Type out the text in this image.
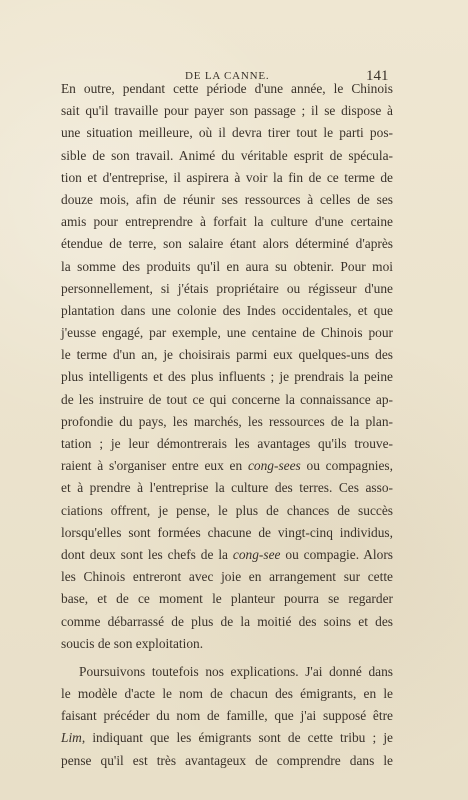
DE LA CANNE.	141
En outre, pendant cette période d'une année, le Chinois
sait qu'il travaille pour payer son passage ; il se dispose à
une situation meilleure, où il devra tirer tout le parti pos-
sible de son travail. Animé du véritable esprit de spécula-
tion et d'entreprise, il aspirera à voir la fin de ce terme de
douze mois, afin de réunir ses ressources à celles de ses
amis pour entreprendre à forfait la culture d'une certaine
étendue de terre, son salaire étant alors déterminé d'après
la somme des produits qu'il en aura su obtenir. Pour moi
personnellement, si j'étais propriétaire ou régisseur d'une
plantation dans une colonie des Indes occidentales, et que
j'eusse engagé, par exemple, une centaine de Chinois pour
le terme d'un an, je choisirais parmi eux quelques-uns des
plus intelligents et des plus influents ; je prendrais la peine
de les instruire de tout ce qui concerne la connaissance ap-
profondie du pays, les marchés, les ressources de la plan-
tation ; je leur démontrerais les avantages qu'ils trouve-
raient à s'organiser entre eux en cong-sees ou compagnies,
et à prendre à l'entreprise la culture des terres. Ces asso-
ciations offrent, je pense, le plus de chances de succès
lorsqu'elles sont formées chacune de vingt-cinq individus,
dont deux sont les chefs de la cong-see ou compagie. Alors
les Chinois entreront avec joie en arrangement sur cette
base, et de ce moment le planteur pourra se regarder
comme débarrassé de plus de la moitié des soins et des
soucis de son exploitation.
Poursuivons toutefois nos explications. J'ai donné dans
le modèle d'acte le nom de chacun des émigrants, en le
faisant précéder du nom de famille, que j'ai supposé être
Lim, indiquant que les émigrants sont de cette tribu ; je
pense qu'il est très avantageux de comprendre dans le
